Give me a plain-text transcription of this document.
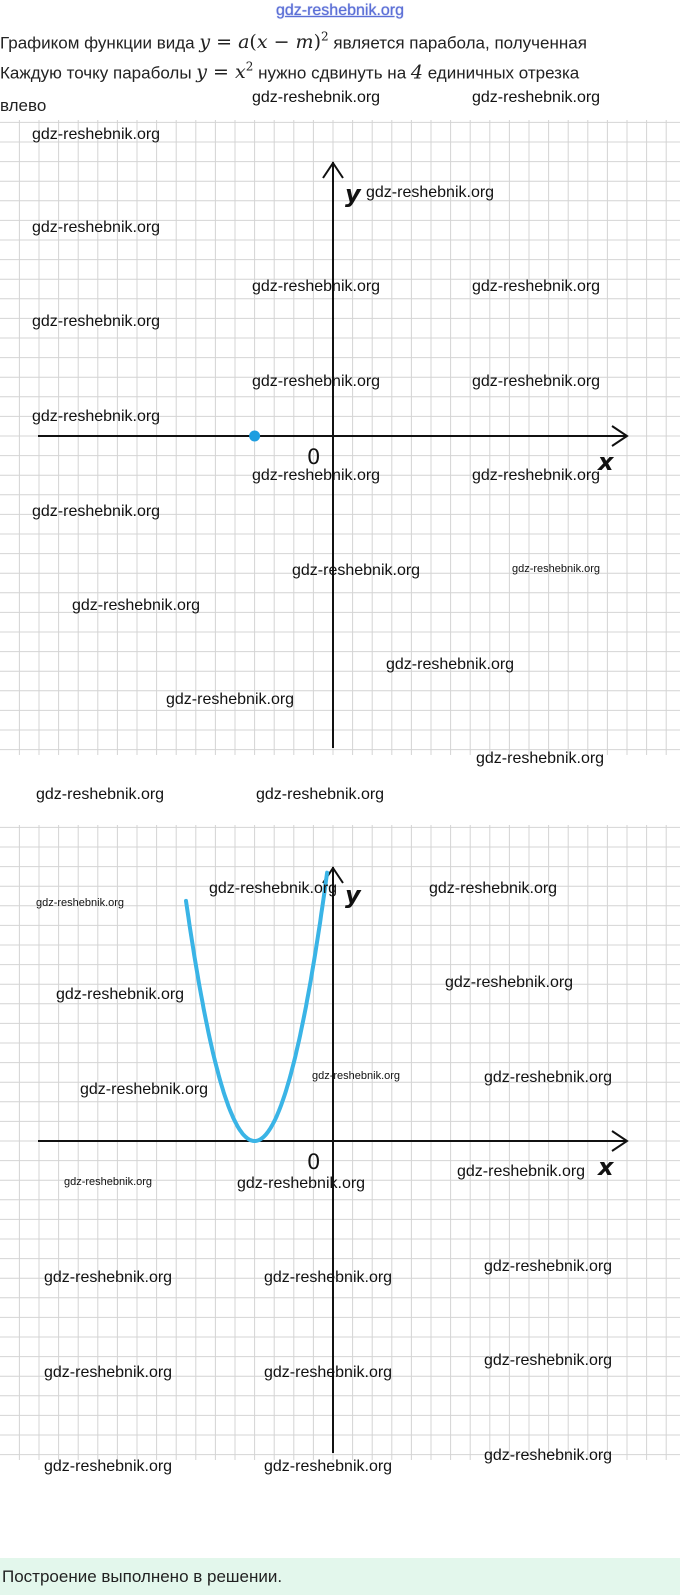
gdz-reshebnik.org
Графиком функции вида $y = a(x - m)^2$ является парабола, полученная
Каждую точку параболы $y = x^2$ нужно сдвинуть на 4 единичных отрезка
влево
y
x
0
y
x
0
gdz-reshebnik.org	gdz-reshebnik.org
gdz-reshebnik.org
gdz-reshebnik.org
gdz-reshebnik.org
gdz-reshebnik.org	gdz-reshebnik.org
gdz-reshebnik.org
gdz-reshebnik.org	gdz-reshebnik.org
gdz-reshebnik.org
gdz-reshebnik.org	gdz-reshebnik.org
gdz-reshebnik.org
gdz-reshebnik.org	gdz-reshebnik.org
gdz-reshebnik.org
gdz-reshebnik.org
gdz-reshebnik.org
gdz-reshebnik.org
gdz-reshebnik.org	gdz-reshebnik.org
gdz-reshebnik.org	gdz-reshebnik.org
gdz-reshebnik.org
gdz-reshebnik.org
gdz-reshebnik.org
gdz-reshebnik.org	gdz-reshebnik.org
gdz-reshebnik.org
gdz-reshebnik.org
gdz-reshebnik.org	gdz-reshebnik.org
gdz-reshebnik.org
gdz-reshebnik.org	gdz-reshebnik.org
gdz-reshebnik.org
gdz-reshebnik.org	gdz-reshebnik.org
gdz-reshebnik.org
gdz-reshebnik.org	gdz-reshebnik.org
Построение выполнено в решении.
